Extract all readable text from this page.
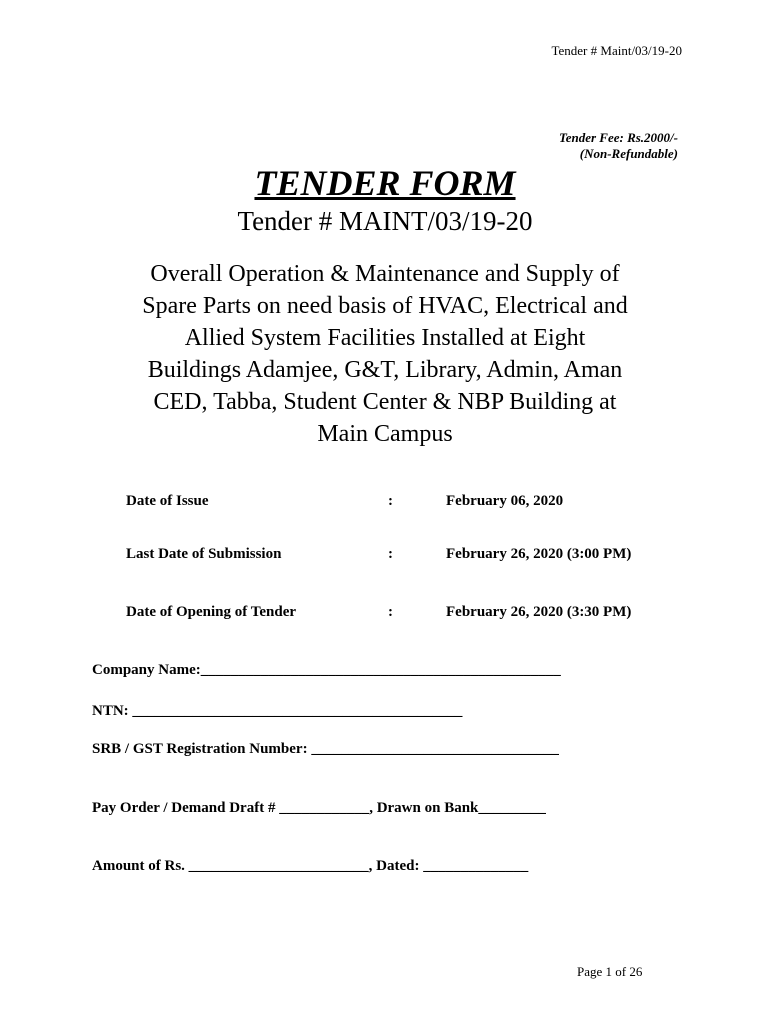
Tender # Maint/03/19-20
Tender Fee: Rs.2000/-
(Non-Refundable)
TENDER FORM
Tender # MAINT/03/19-20
Overall Operation & Maintenance and Supply of
Spare Parts on need basis of HVAC, Electrical and
Allied System Facilities Installed at Eight
Buildings Adamjee, G&T, Library, Admin, Aman
CED, Tabba, Student Center & NBP Building at
Main Campus
Date of Issue	:	February 06, 2020
Last Date of Submission	:	February 26, 2020 (3:00 PM)
Date of Opening of Tender	:	February 26, 2020 (3:30 PM)
Company Name:________________________________________________
NTN: ____________________________________________
SRB / GST Registration Number: _________________________________
Pay Order / Demand Draft # ____________, Drawn on Bank_________
Amount of Rs. ________________________, Dated: ______________
Page 1 of 26
